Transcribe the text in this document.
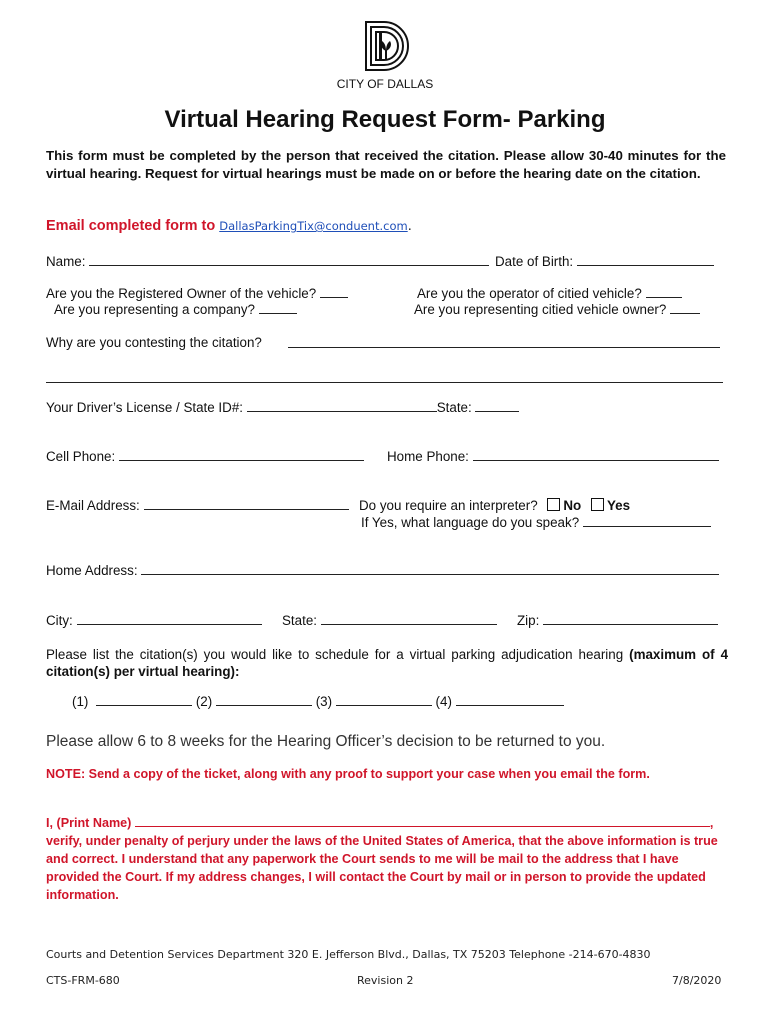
CITY OF DALLAS
Virtual Hearing Request Form- Parking
This form must be completed by the person that received the citation. Please allow 30-40 minutes for the virtual hearing. Request for virtual hearings must be made on or before the hearing date on the citation.
Email completed form to DallasParkingTix@conduent.com.
Name:	Date of Birth:
Are you the Registered Owner of the vehicle?	Are you the operator of citied vehicle?
Are you representing a company?	Are you representing citied vehicle owner?
Why are you contesting the citation?
Your Driver’s License / State ID#:	State:
Cell Phone:	Home Phone:
E-Mail Address:	Do you require an interpreter? No Yes
If Yes, what language do you speak?
Home Address:
City:	State:	Zip:
Please list the citation(s) you would like to schedule for a virtual parking adjudication hearing (maximum of 4 citation(s) per virtual hearing):
(1)	(2)	(3)	(4)
Please allow 6 to 8 weeks for the Hearing Officer’s decision to be returned to you.
NOTE: Send a copy of the ticket, along with any proof to support your case when you email the form.
I, (Print Name)	,
verify, under penalty of perjury under the laws of the United States of America, that the above information is true and correct. I understand that any paperwork the Court sends to me will be mail to the address that I have provided the Court. If my address changes, I will contact the Court by mail or in person to provide the updated information.
Courts and Detention Services Department 320 E. Jefferson Blvd., Dallas, TX 75203 Telephone -214-670-4830
CTS-FRM-680	Revision 2	7/8/2020
